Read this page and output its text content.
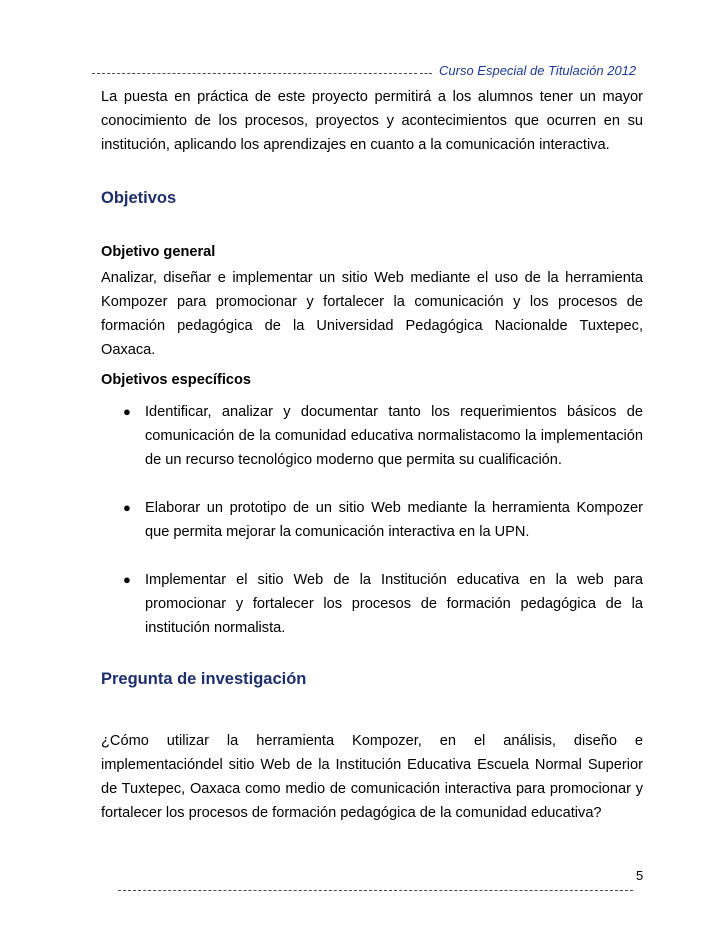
Curso Especial de Titulación 2012

La puesta en práctica de este proyecto permitirá a los alumnos tener un mayor conocimiento de los procesos, proyectos y acontecimientos que ocurren en su institución, aplicando los aprendizajes en cuanto a la comunicación interactiva.

Objetivos
Objetivo general

Analizar, diseñar e implementar un sitio Web mediante el uso de la herramienta Kompozer para promocionar y fortalecer la comunicación y los procesos de formación pedagógica de la Universidad Pedagógica Nacionalde Tuxtepec, Oaxaca.

Objetivos específicos
● Identificar, analizar y documentar tanto los requerimientos básicos de comunicación de la comunidad educativa normalistacomo la implementación de un recurso tecnológico moderno que permita su cualificación.
● Elaborar un prototipo de un sitio Web mediante la herramienta Kompozer que permita mejorar la comunicación interactiva en la UPN.
● Implementar el sitio Web de la Institución educativa en la web para promocionar y fortalecer los procesos de formación pedagógica de la institución normalista.
Pregunta de investigación

¿Cómo utilizar la herramienta Kompozer, en el análisis, diseño e implementacióndel sitio Web de la Institución Educativa Escuela Normal Superior de Tuxtepec, Oaxaca como medio de comunicación interactiva para promocionar y fortalecer los procesos de formación pedagógica de la comunidad educativa?

5
